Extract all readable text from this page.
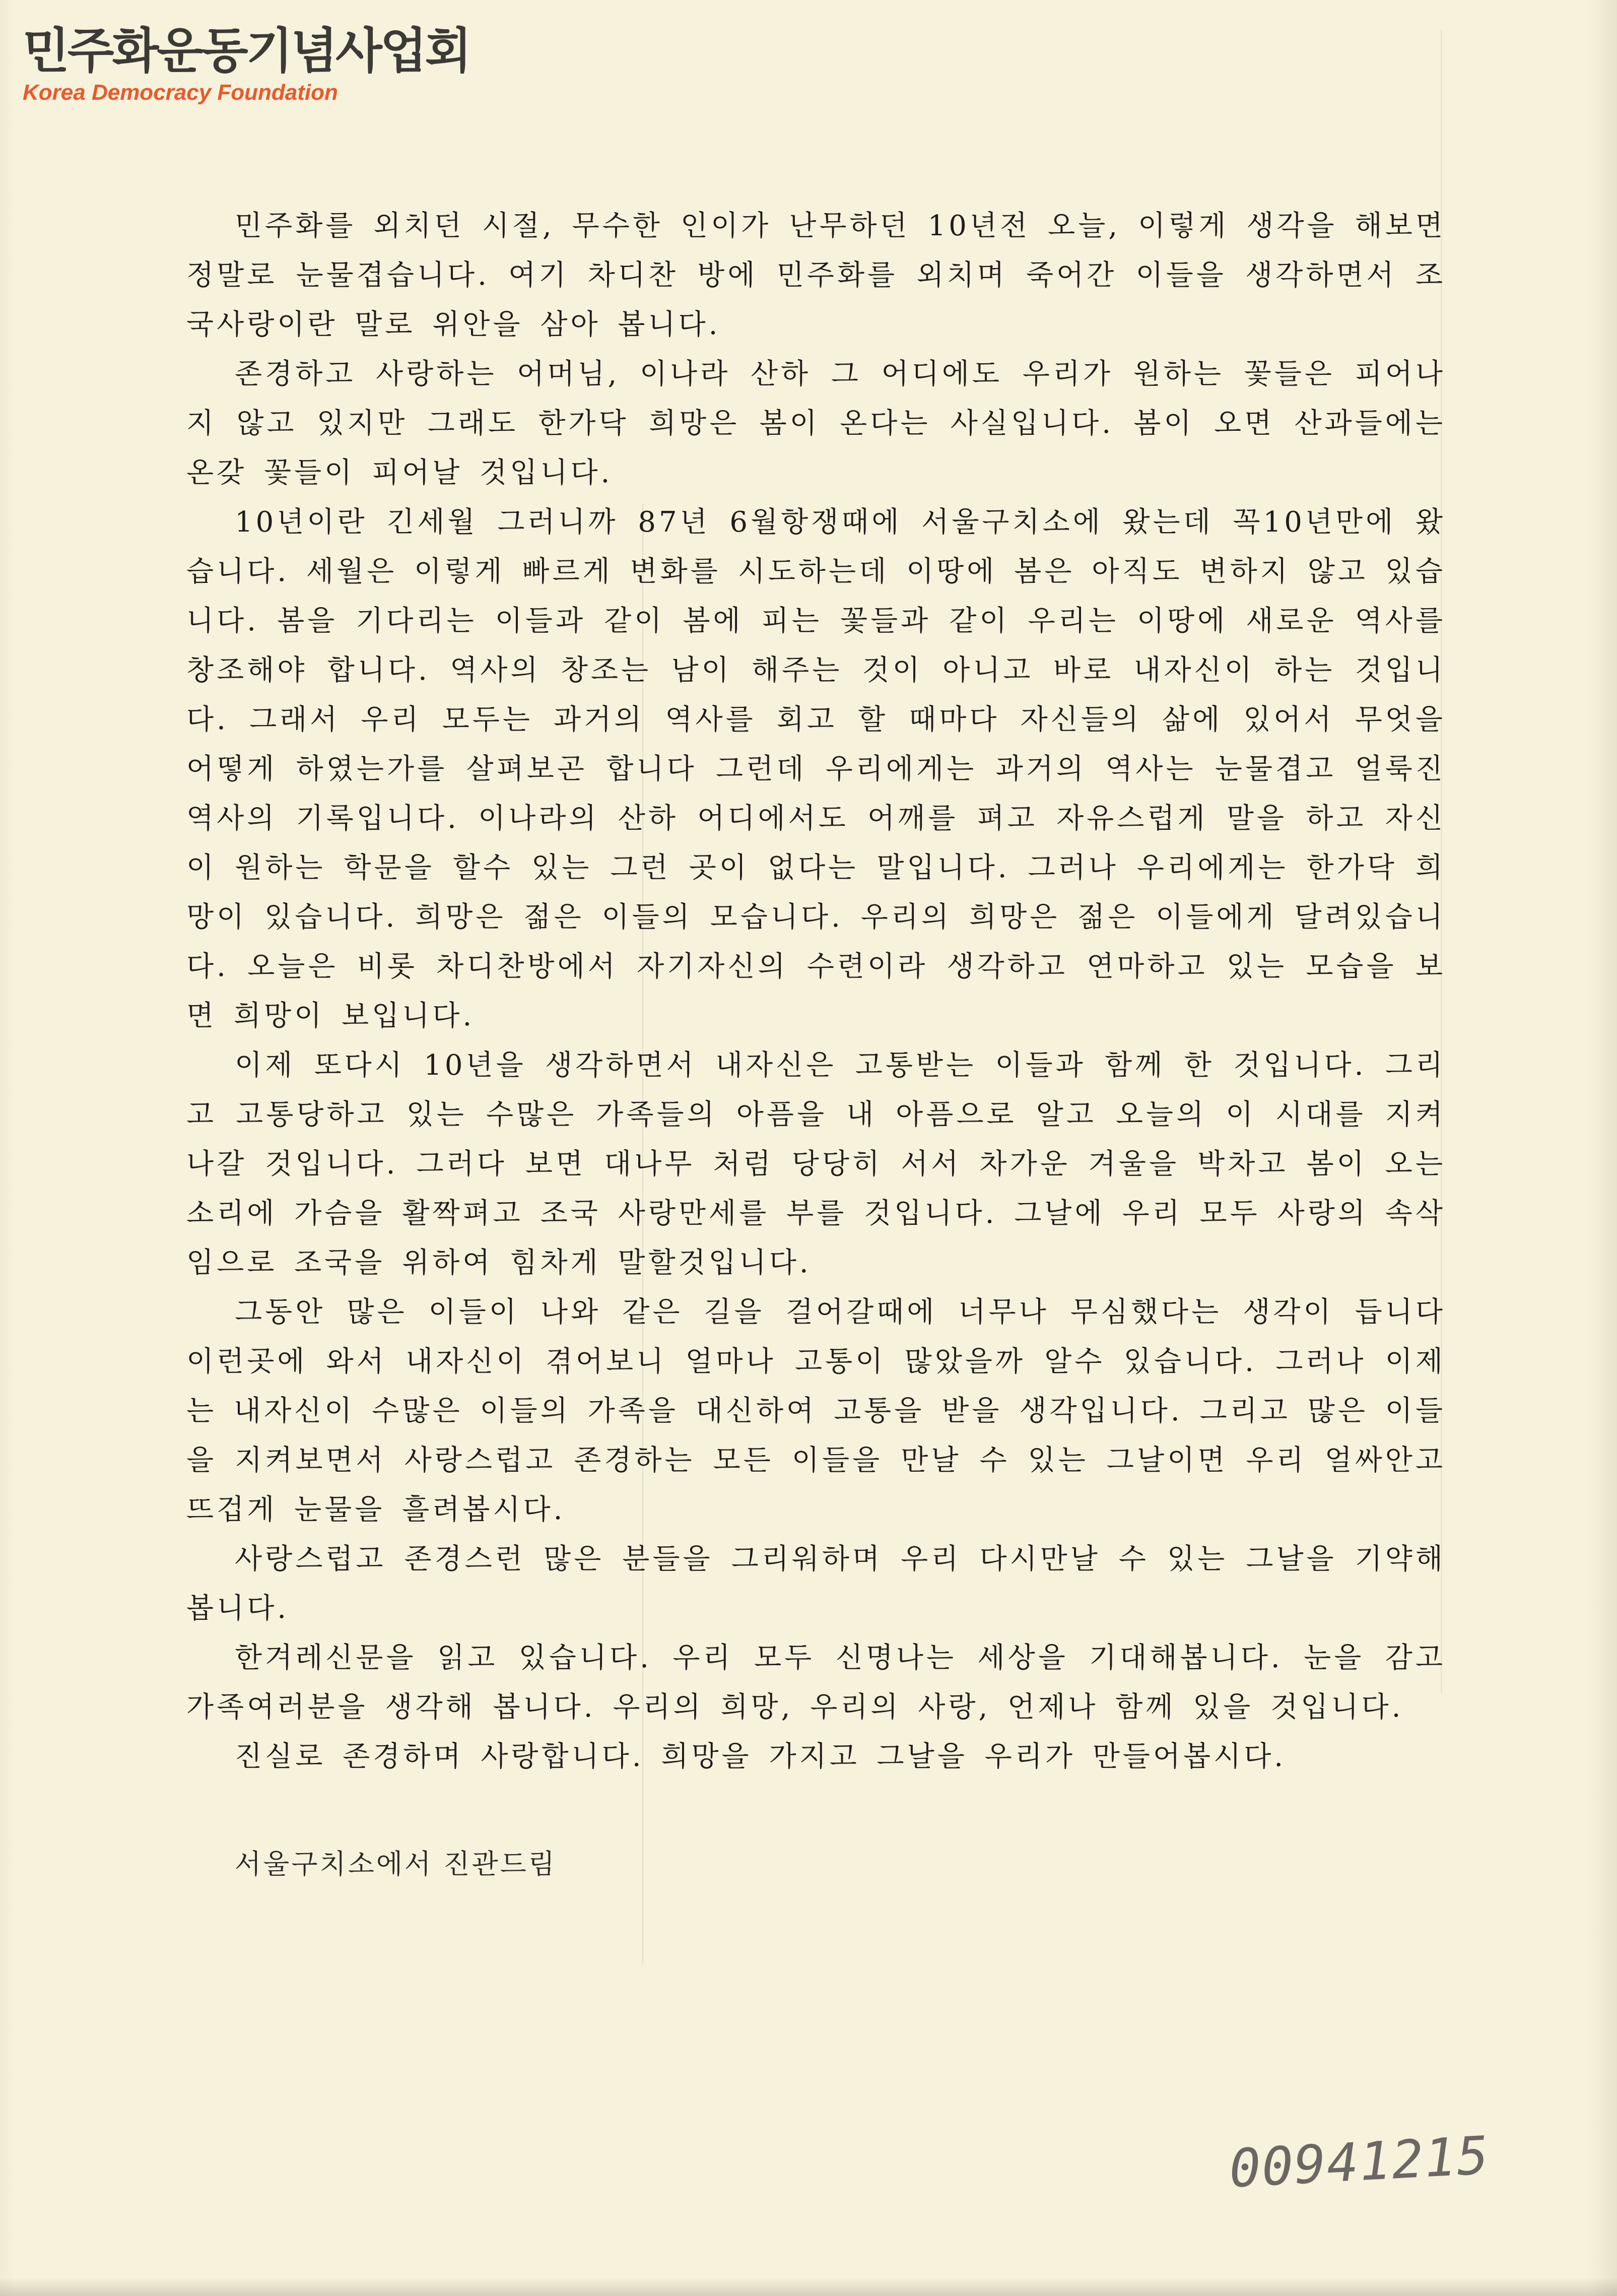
민주화운동기념사업회
Korea Democracy Foundation

민주화를 외치던 시절, 무수한 인이가 난무하던 10년전 오늘, 이렇게 생각을 해보면 정말로 눈물겹습니다. 여기 차디찬 방에 민주화를 외치며 죽어간 이들을 생각하면서 조국사랑이란 말로 위안을 삼아 봅니다.

존경하고 사랑하는 어머님, 이나라 산하 그 어디에도 우리가 원하는 꽃들은 피어나지 않고 있지만 그래도 한가닥 희망은 봄이 온다는 사실입니다. 봄이 오면 산과들에는 온갖 꽃들이 피어날 것입니다.

10년이란 긴세월 그러니까 87년 6월항쟁때에 서울구치소에 왔는데 꼭10년만에 왔습니다. 세월은 이렇게 빠르게 변화를 시도하는데 이땅에 봄은 아직도 변하지 않고 있습니다. 봄을 기다리는 이들과 같이 봄에 피는 꽃들과 같이 우리는 이땅에 새로운 역사를 창조해야 합니다. 역사의 창조는 남이 해주는 것이 아니고 바로 내자신이 하는 것입니다. 그래서 우리 모두는 과거의 역사를 회고 할 때마다 자신들의 삶에 있어서 무엇을 어떻게 하였는가를 살펴보곤 합니다 그런데 우리에게는 과거의 역사는 눈물겹고 얼룩진 역사의 기록입니다. 이나라의 산하 어디에서도 어깨를 펴고 자유스럽게 말을 하고 자신이 원하는 학문을 할수 있는 그런 곳이 없다는 말입니다. 그러나 우리에게는 한가닥 희망이 있습니다. 희망은 젊은 이들의 모습니다. 우리의 희망은 젊은 이들에게 달려있습니다. 오늘은 비롯 차디찬방에서 자기자신의 수련이라 생각하고 연마하고 있는 모습을 보면 희망이 보입니다.

이제 또다시 10년을 생각하면서 내자신은 고통받는 이들과 함께 한 것입니다. 그리고 고통당하고 있는 수많은 가족들의 아픔을 내 아픔으로 알고 오늘의 이 시대를 지켜나갈 것입니다. 그러다 보면 대나무 처럼 당당히 서서 차가운 겨울을 박차고 봄이 오는 소리에 가슴을 활짝펴고 조국 사랑만세를 부를 것입니다. 그날에 우리 모두 사랑의 속삭임으로 조국을 위하여 힘차게 말할것입니다.

그동안 많은 이들이 나와 같은 길을 걸어갈때에 너무나 무심했다는 생각이 듭니다 이런곳에 와서 내자신이 겪어보니 얼마나 고통이 많았을까 알수 있습니다. 그러나 이제는 내자신이 수많은 이들의 가족을 대신하여 고통을 받을 생각입니다. 그리고 많은 이들을 지켜보면서 사랑스럽고 존경하는 모든 이들을 만날 수 있는 그날이면 우리 얼싸안고 뜨겁게 눈물을 흘려봅시다.

사랑스럽고 존경스런 많은 분들을 그리워하며 우리 다시만날 수 있는 그날을 기약해 봅니다.

한겨레신문을 읽고 있습니다. 우리 모두 신명나는 세상을 기대해봅니다. 눈을 감고 가족여러분을 생각해 봅니다. 우리의 희망, 우리의 사랑, 언제나 함께 있을 것입니다.

진실로 존경하며 사랑합니다. 희망을 가지고 그날을 우리가 만들어봅시다.

서울구치소에서 진관드림

00941215
